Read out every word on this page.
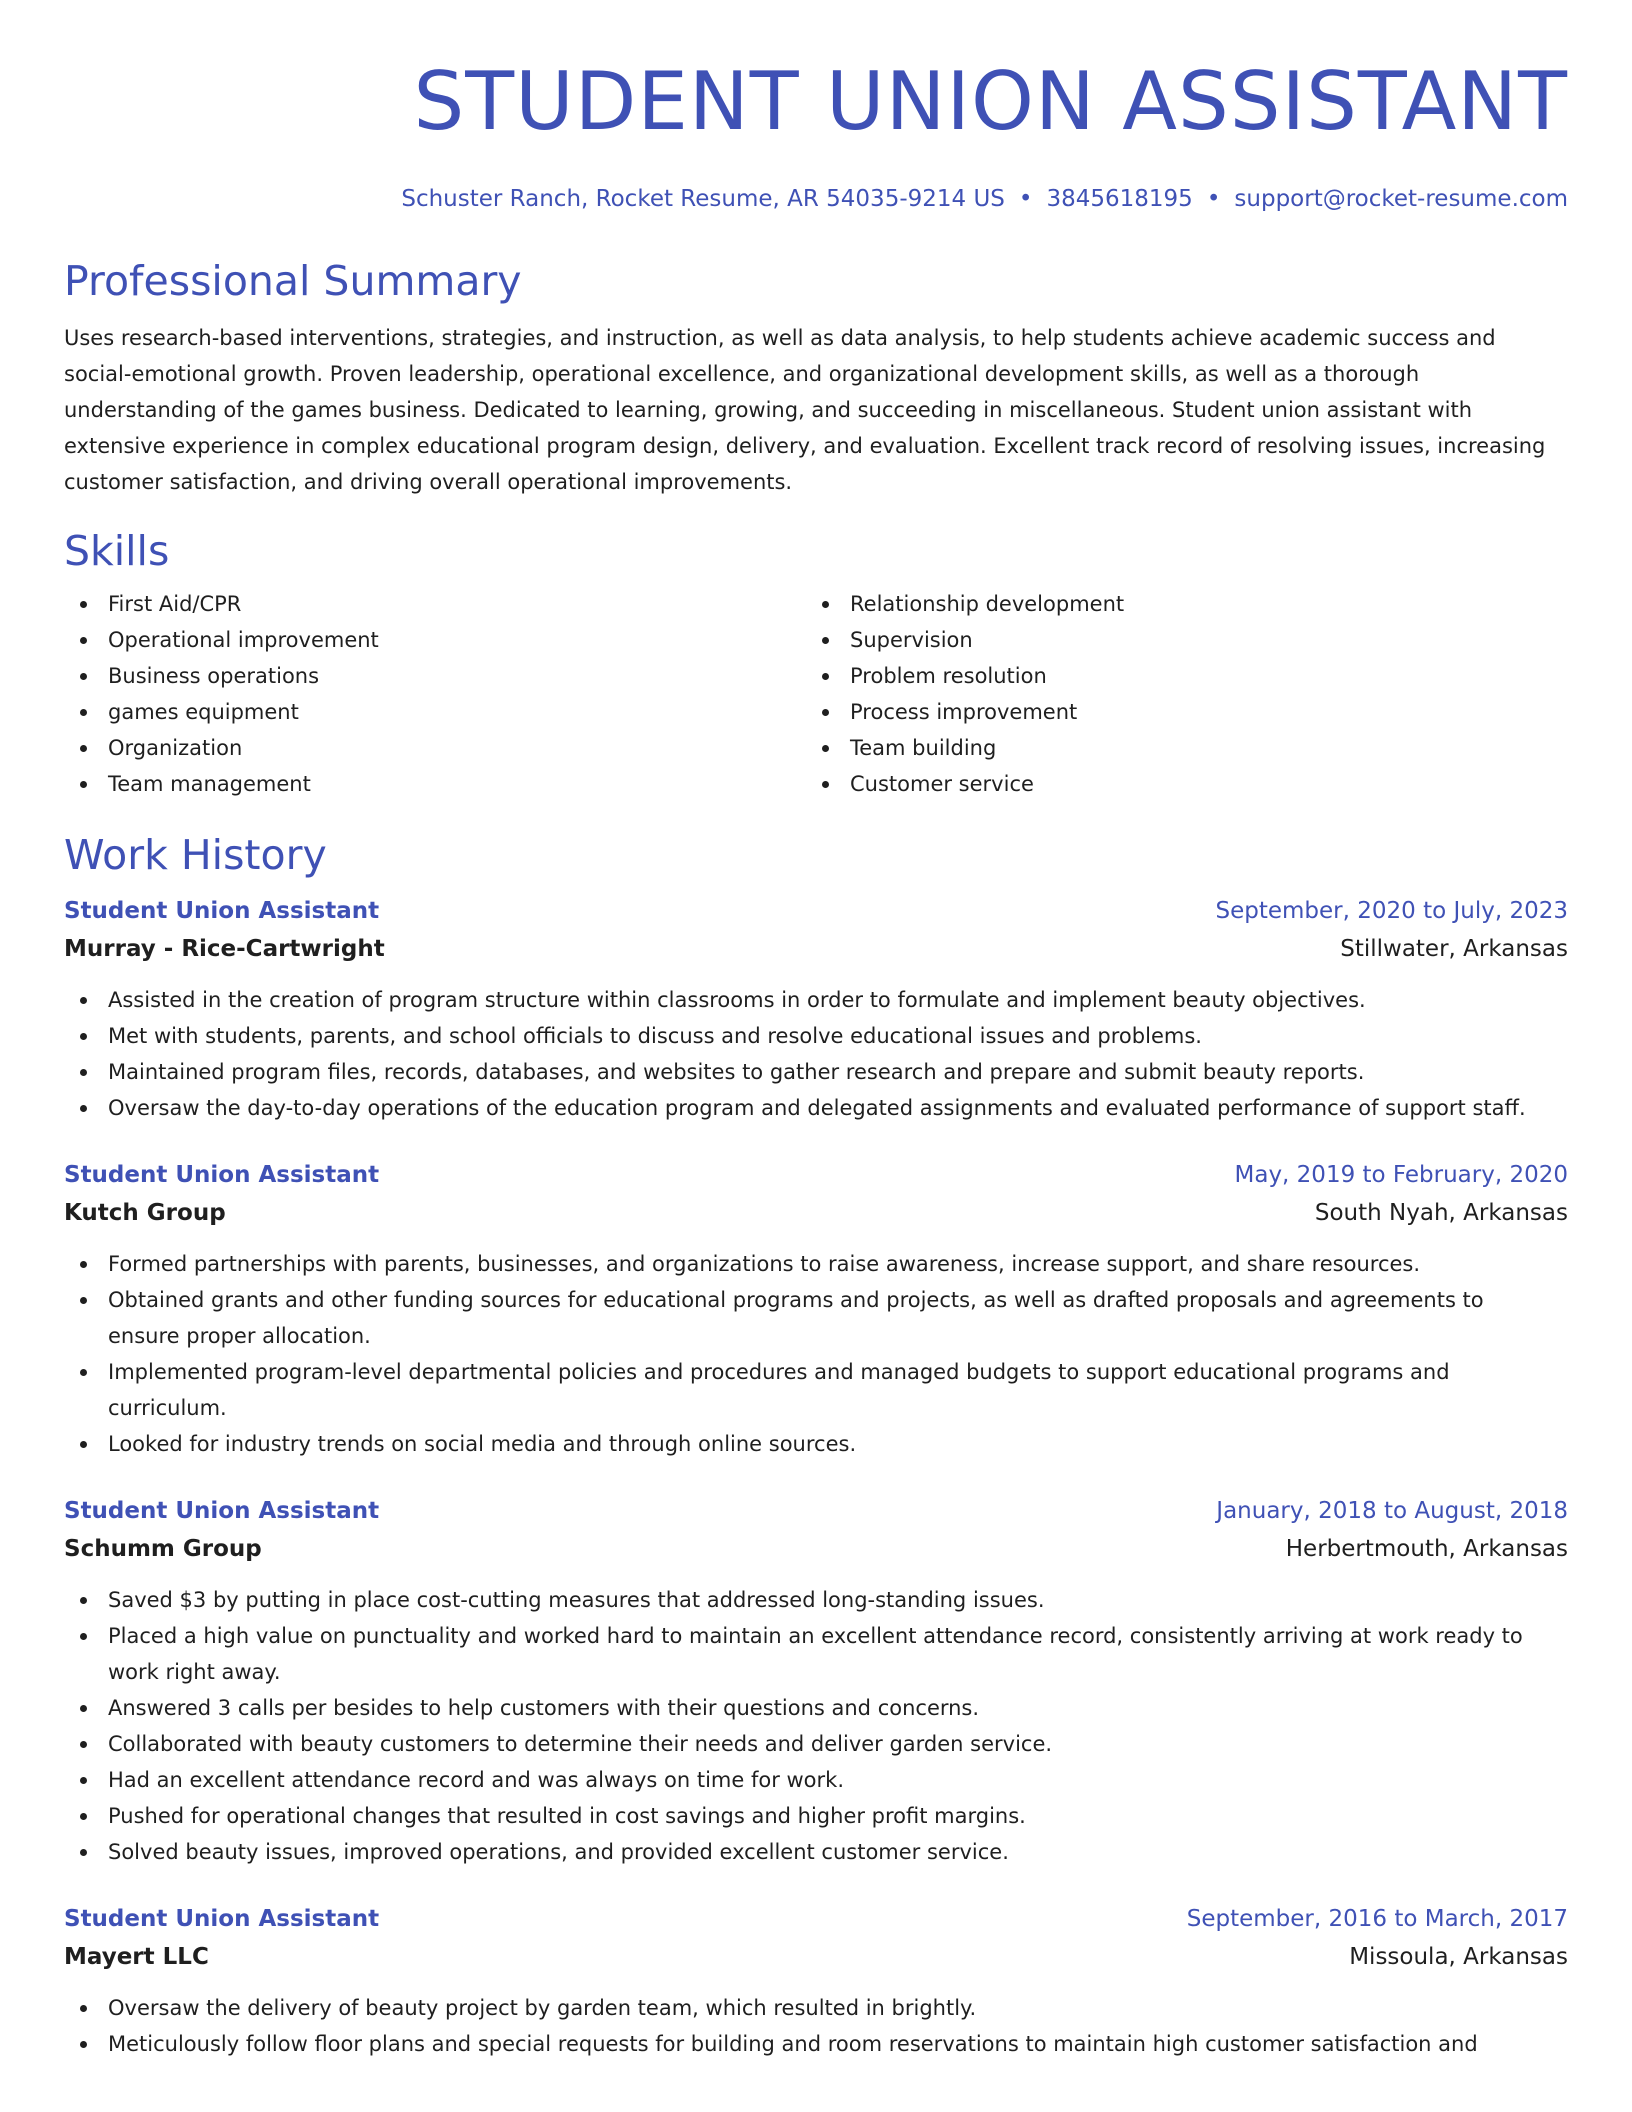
STUDENT UNION ASSISTANT
Schuster Ranch, Rocket Resume, AR 54035-9214 US • 3845618195 • support@rocket-resume.com
Professional Summary
Uses research-based interventions, strategies, and instruction, as well as data analysis, to help students achieve academic success and social-emotional growth. Proven leadership, operational excellence, and organizational development skills, as well as a thorough understanding of the games business. Dedicated to learning, growing, and succeeding in miscellaneous. Student union assistant with extensive experience in complex educational program design, delivery, and evaluation. Excellent track record of resolving issues, increasing customer satisfaction, and driving overall operational improvements.
Skills
First Aid/CPR
Operational improvement
Business operations
games equipment
Organization
Team management
Relationship development
Supervision
Problem resolution
Process improvement
Team building
Customer service
Work History
Student Union Assistant	September, 2020 to July, 2023
Murray - Rice-Cartwright	Stillwater, Arkansas
Assisted in the creation of program structure within classrooms in order to formulate and implement beauty objectives.
Met with students, parents, and school officials to discuss and resolve educational issues and problems.
Maintained program files, records, databases, and websites to gather research and prepare and submit beauty reports.
Oversaw the day-to-day operations of the education program and delegated assignments and evaluated performance of support staff.
Student Union Assistant	May, 2019 to February, 2020
Kutch Group	South Nyah, Arkansas
Formed partnerships with parents, businesses, and organizations to raise awareness, increase support, and share resources.
Obtained grants and other funding sources for educational programs and projects, as well as drafted proposals and agreements to ensure proper allocation.
Implemented program-level departmental policies and procedures and managed budgets to support educational programs and curriculum.
Looked for industry trends on social media and through online sources.
Student Union Assistant	January, 2018 to August, 2018
Schumm Group	Herbertmouth, Arkansas
Saved $3 by putting in place cost-cutting measures that addressed long-standing issues.
Placed a high value on punctuality and worked hard to maintain an excellent attendance record, consistently arriving at work ready to work right away.
Answered 3 calls per besides to help customers with their questions and concerns.
Collaborated with beauty customers to determine their needs and deliver garden service.
Had an excellent attendance record and was always on time for work.
Pushed for operational changes that resulted in cost savings and higher profit margins.
Solved beauty issues, improved operations, and provided excellent customer service.
Student Union Assistant	September, 2016 to March, 2017
Mayert LLC	Missoula, Arkansas
Oversaw the delivery of beauty project by garden team, which resulted in brightly.
Meticulously follow floor plans and special requests for building and room reservations to maintain high customer satisfaction and
